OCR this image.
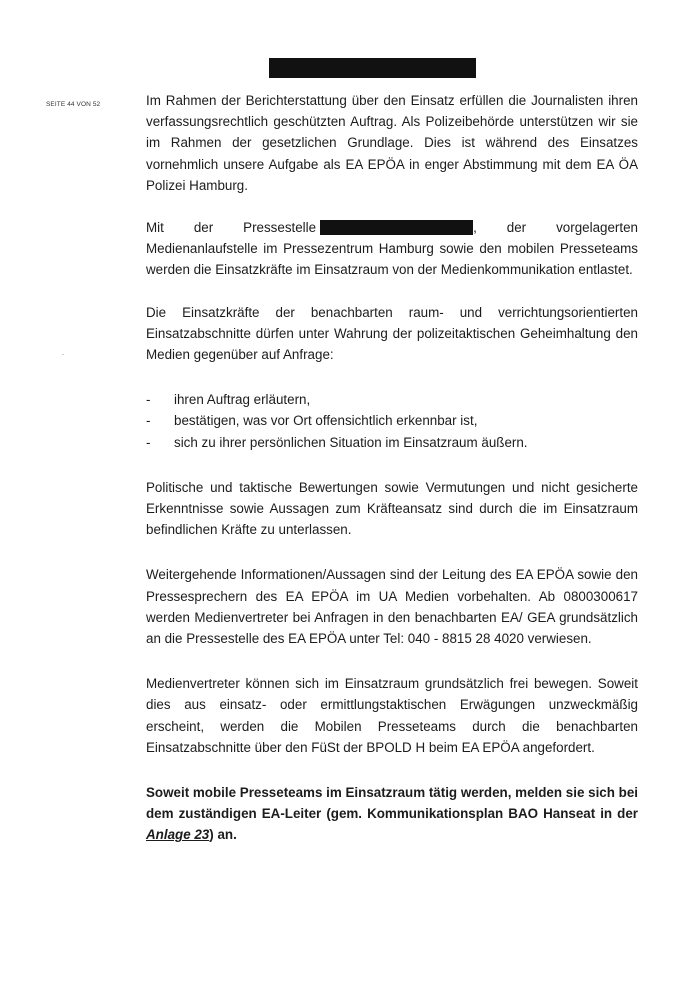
SEITE 44 VON 52	Im Rahmen der Berichterstattung über den Einsatz erfüllen die Journalisten ihren verfassungsrechtlich geschützten Auftrag. Als Polizeibehörde unterstützen wir sie im Rahmen der gesetzlichen Grundlage. Dies ist während des Einsatzes vornehmlich unsere Aufgabe als EA EPÖA in enger Abstimmung mit dem EA ÖA Polizei Hamburg.

Mit der Pressestelle	, der vorgelagerten Medienanlaufstelle im Pressezentrum Hamburg sowie den mobilen Presseteams werden die Einsatzkräfte im Einsatzraum von der Medienkommunikation entlastet.

Die Einsatzkräfte der benachbarten raum- und verrichtungsorientierten Einsatzabschnitte dürfen unter Wahrung der polizeitaktischen Geheimhaltung den Medien gegenüber auf Anfrage:

- ihren Auftrag erläutern,
- bestätigen, was vor Ort offensichtlich erkennbar ist,
- sich zu ihrer persönlichen Situation im Einsatzraum äußern.

Politische und taktische Bewertungen sowie Vermutungen und nicht gesicherte Erkenntnisse sowie Aussagen zum Kräfteansatz sind durch die im Einsatzraum befindlichen Kräfte zu unterlassen.

Weitergehende Informationen/Aussagen sind der Leitung des EA EPÖA sowie den Pressesprechern des EA EPÖA im UA Medien vorbehalten. Ab 0800300617 werden Medienvertreter bei Anfragen in den benachbarten EA/ GEA grundsätzlich an die Pressestelle des EA EPÖA unter Tel: 040 - 8815 28 4020 verwiesen.

Medienvertreter können sich im Einsatzraum grundsätzlich frei bewegen. Soweit dies aus einsatz- oder ermittlungstaktischen Erwägungen unzweckmäßig erscheint, werden die Mobilen Presseteams durch die benachbarten Einsatzabschnitte über den FüSt der BPOLD H beim EA EPÖA angefordert.

Soweit mobile Presseteams im Einsatzraum tätig werden, melden sie sich bei dem zuständigen EA-Leiter (gem. Kommunikationsplan BAO Hanseat in der Anlage 23) an.
